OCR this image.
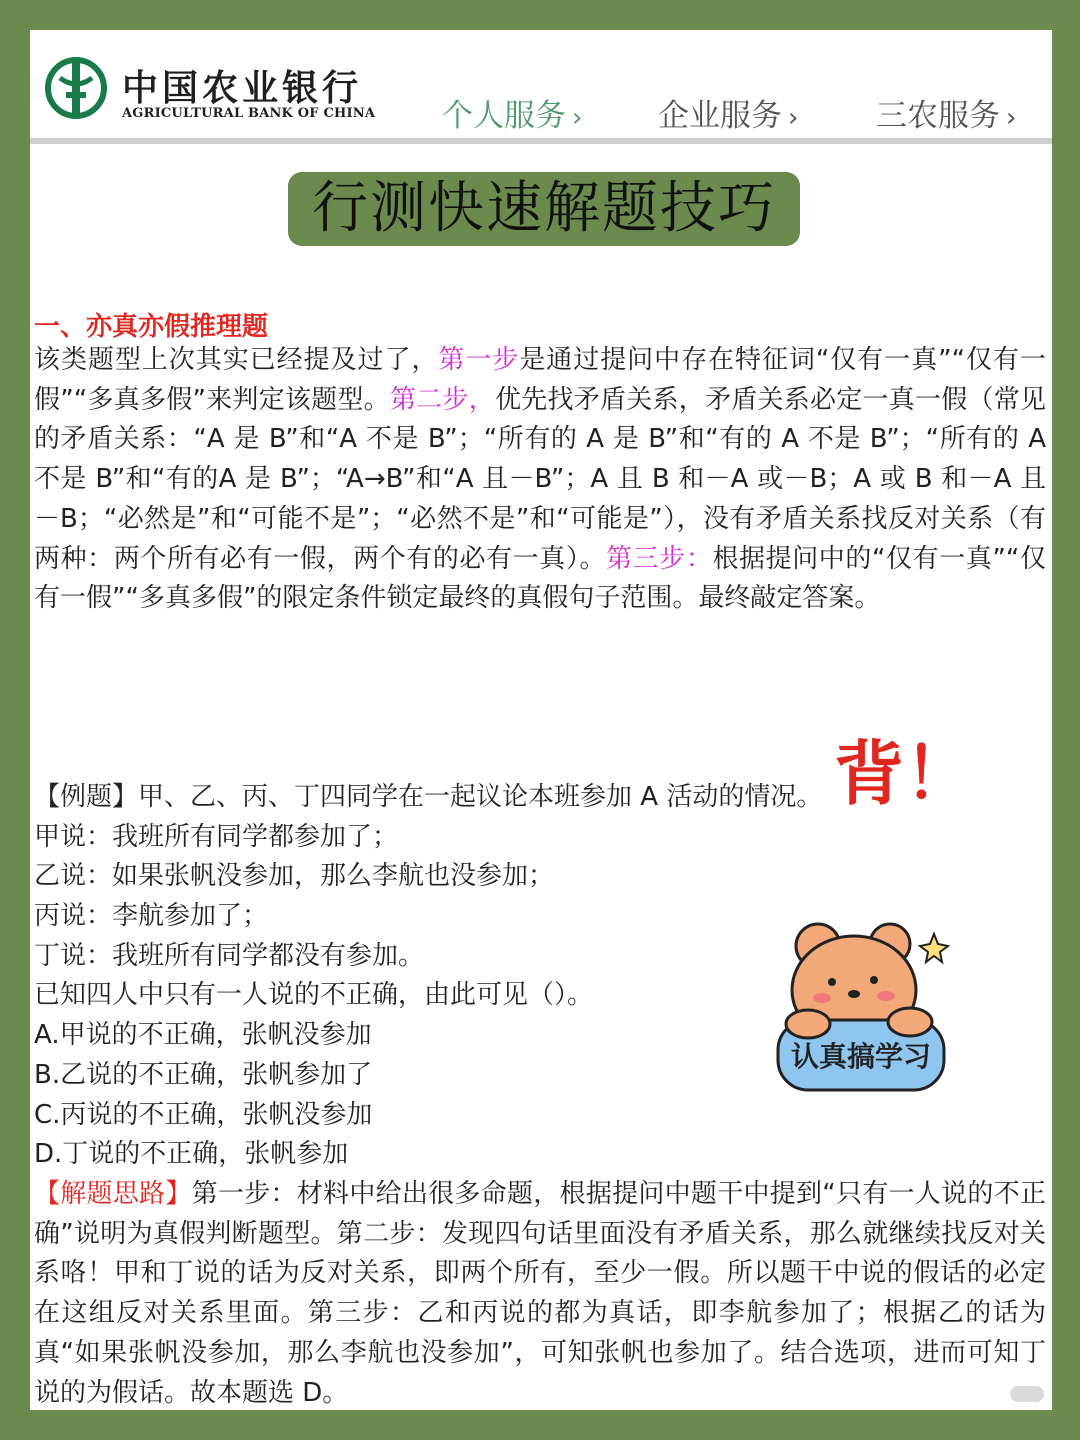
中国农业银行
AGRICULTURAL BANK OF CHINA 个人服务 › 企业服务 ›	三农服务 ›
行测快速解题技巧
一、亦真亦假推理题
该类题型上次其实已经提及过了，第一步是通过提问中存在特征词“仅有一真”“仅有一假”“多真多假”来判定该题型。第二步，优先找矛盾关系，矛盾关系必定一真一假（常见的矛盾关系：“A 是 B”和“A 不是 B”；“所有的 A 是 B”和“有的 A 不是 B”；“所有的 A 不是 B”和“有的A 是 B”；“A→B”和“A 且－B”；A 且 B 和－A 或－B；A 或 B 和－A 且－B；“必然是”和“可能不是”；“必然不是”和“可能是”），没有矛盾关系找反对关系（有两种：两个所有必有一假，两个有的必有一真）。第三步：根据提问中的“仅有一真”“仅有一假”“多真多假”的限定条件锁定最终的真假句子范围。最终敲定答案。
背！
【例题】甲、乙、丙、丁四同学在一起议论本班参加 A 活动的情况。
甲说：我班所有同学都参加了；
乙说：如果张帆没参加，那么李航也没参加；
丙说：李航参加了；
丁说：我班所有同学都没有参加。
已知四人中只有一人说的不正确，由此可见（）。
A.甲说的不正确，张帆没参加
B.乙说的不正确，张帆参加了
C.丙说的不正确，张帆没参加
D.丁说的不正确，张帆参加
【解题思路】第一步：材料中给出很多命题，根据提问中题干中提到“只有一人说的不正确”说明为真假判断题型。第二步：发现四句话里面没有矛盾关系，那么就继续找反对关系咯！甲和丁说的话为反对关系，即两个所有，至少一假。所以题干中说的假话的必定在这组反对关系里面。第三步：乙和丙说的都为真话，即李航参加了；根据乙的话为真“如果张帆没参加，那么李航也没参加”，可知张帆也参加了。结合选项，进而可知丁说的为假话。故本题选 D。
认真搞学习
